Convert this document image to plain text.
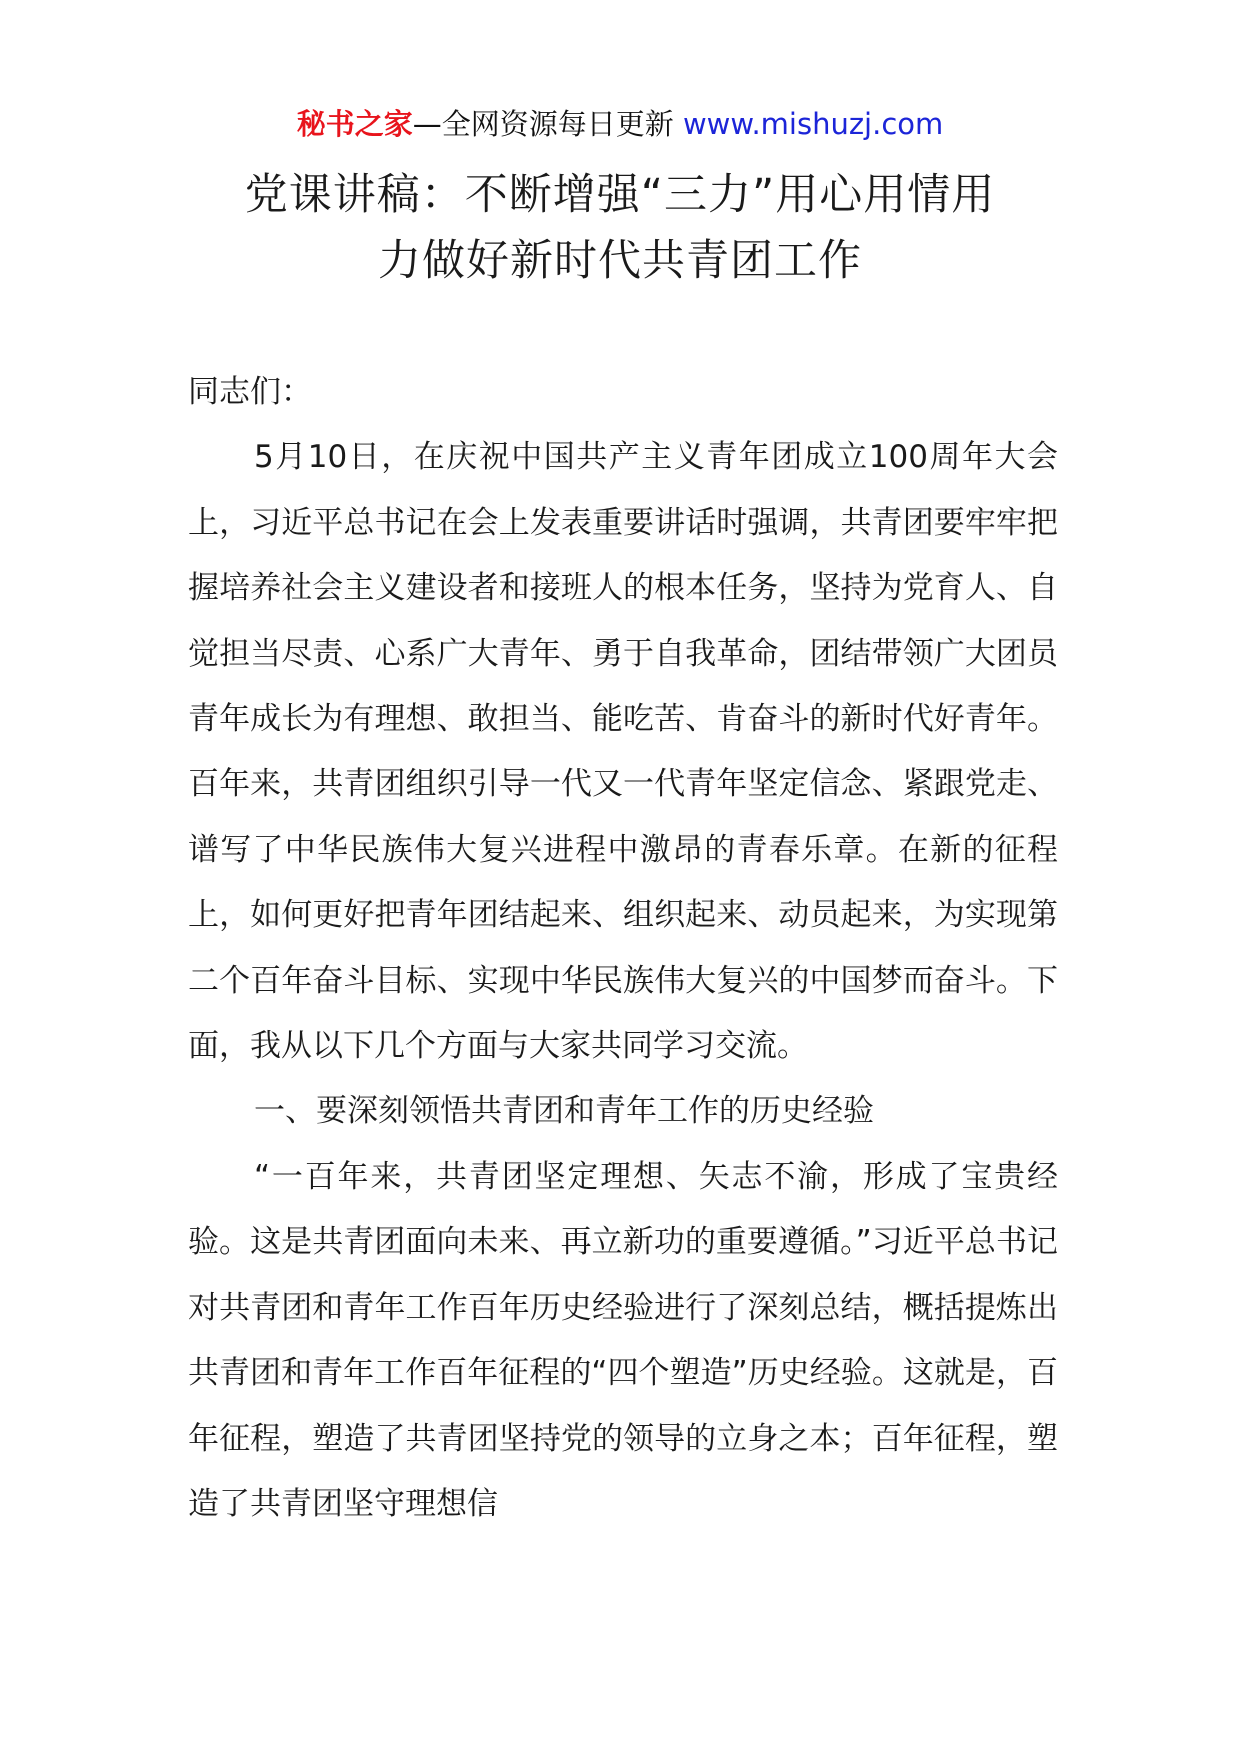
秘书之家—全网资源每日更新 www.mishuzj.com
党课讲稿：不断增强“三力”用心用情用
力做好新时代共青团工作

同志们：

5月10日，在庆祝中国共产主义青年团成立100周年大会上，习近平总书记在会上发表重要讲话时强调，共青团要牢牢把握培养社会主义建设者和接班人的根本任务，坚持为党育人、自觉担当尽责、心系广大青年、勇于自我革命，团结带领广大团员青年成长为有理想、敢担当、能吃苦、肯奋斗的新时代好青年。百年来，共青团组织引导一代又一代青年坚定信念、紧跟党走、谱写了中华民族伟大复兴进程中激昂的青春乐章。在新的征程上，如何更好把青年团结起来、组织起来、动员起来，为实现第二个百年奋斗目标、实现中华民族伟大复兴的中国梦而奋斗。下面，我从以下几个方面与大家共同学习交流。

一、要深刻领悟共青团和青年工作的历史经验

“一百年来，共青团坚定理想、矢志不渝，形成了宝贵经验。这是共青团面向未来、再立新功的重要遵循。”习近平总书记对共青团和青年工作百年历史经验进行了深刻总结，概括提炼出共青团和青年工作百年征程的“四个塑造”历史经验。这就是，百年征程，塑造了共青团坚持党的领导的立身之本；百年征程，塑造了共青团坚守理想信
